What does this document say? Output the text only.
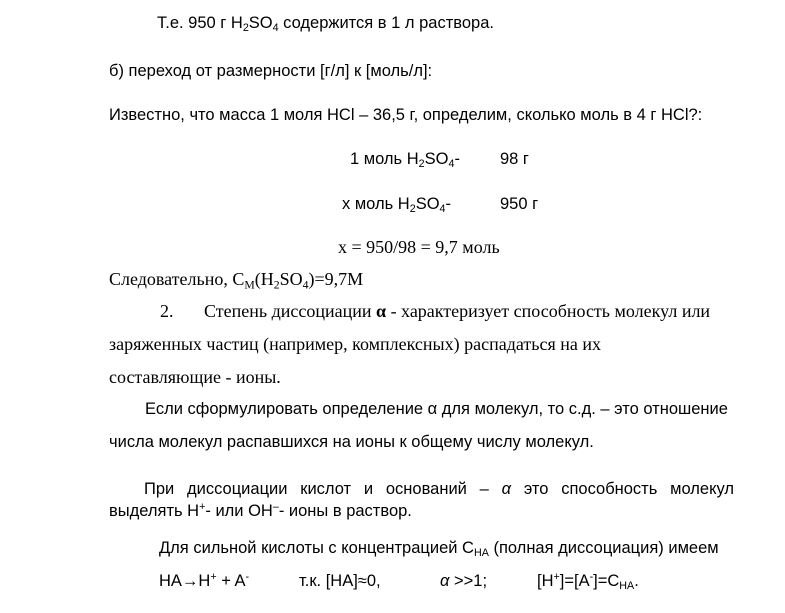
Т.е. 950 г $H_2SO_4$ содержится в 1 л раствора.
б) переход от размерности [г/л] к [моль/л]:
Известно, что масса 1 моля HCl – 36,5 г, определим, сколько моль в 4 г HCl?:
1 моль $H_2SO_4-$ 98 г
x моль $H_2SO_4-$	950 г
x = 950/98 = 9,7 моль
Следовательно, $C_M(H_2SO_4)=9,7M$
2. Степень диссоциации α - характеризует способность молекул или
заряженных частиц (например, комплексных) распадаться на их
составляющие - ионы.
Если сформулировать определение α для молекул, то с.д. – это отношение
числа молекул распавшихся на ионы к общему числу молекул.
При диссоциации кислот и оснований – α это способность молекул
выделять H+- или OH–- ионы в раствор.
Для сильной кислоты с концентрацией $C_{HA}$ (полная диссоциация) имеем
HA→H+ + A-	т.к. [HA]≈0,	α >>1;	$[H^+]=[A^-]=C_{HA}$.
